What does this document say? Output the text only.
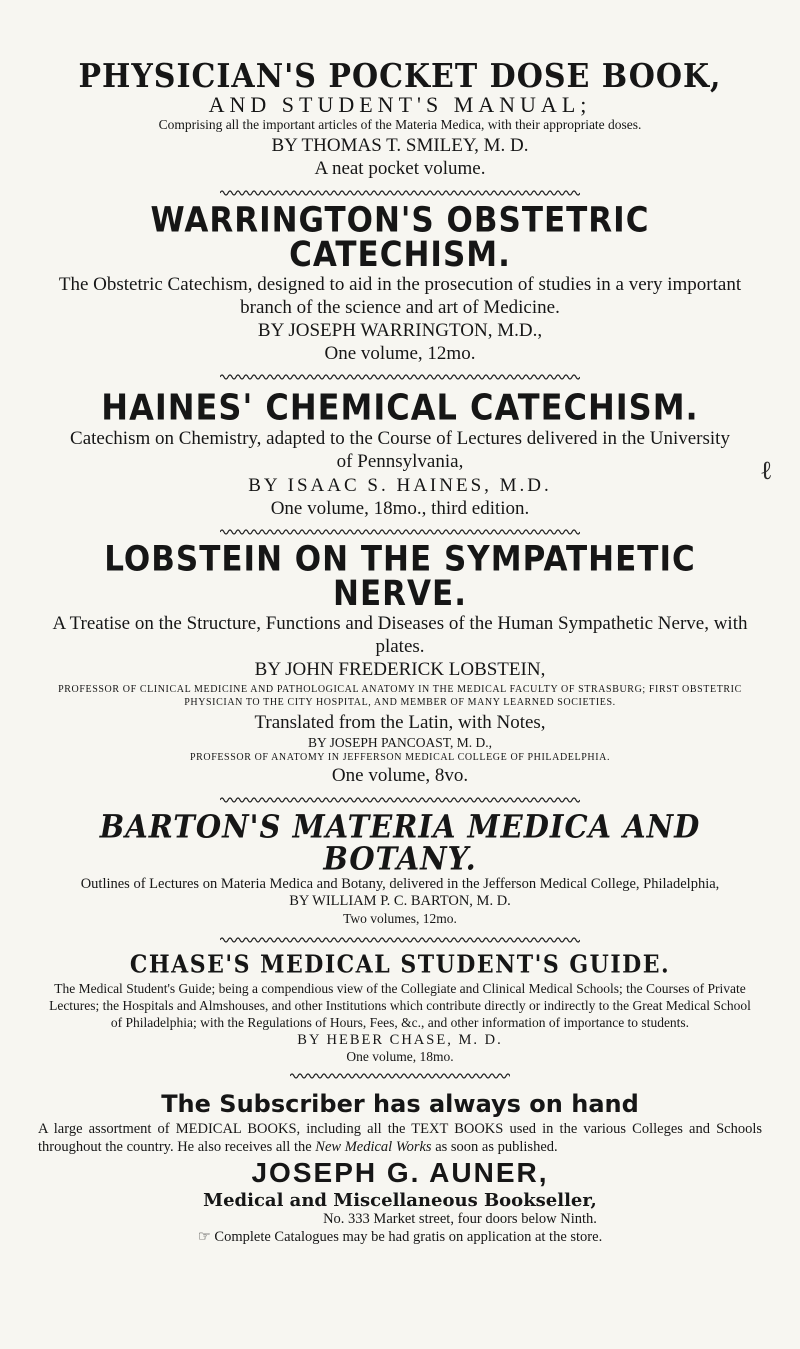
PHYSICIAN'S POCKET DOSE BOOK,
AND STUDENT'S MANUAL;
Comprising all the important articles of the Materia Medica, with their appropriate doses.
BY THOMAS T. SMILEY, M. D.
A neat pocket volume.
WARRINGTON'S OBSTETRIC CATECHISM.
The Obstetric Catechism, designed to aid in the prosecution of studies in a very important branch of the science and art of Medicine.
BY JOSEPH WARRINGTON, M.D.,
One volume, 12mo.
HAINES' CHEMICAL CATECHISM.
Catechism on Chemistry, adapted to the Course of Lectures delivered in the University of Pennsylvania,
BY ISAAC S. HAINES, M.D.
One volume, 18mo., third edition.
LOBSTEIN ON THE SYMPATHETIC NERVE.
A Treatise on the Structure, Functions and Diseases of the Human Sympathetic Nerve, with plates.
BY JOHN FREDERICK LOBSTEIN,
PROFESSOR OF CLINICAL MEDICINE AND PATHOLOGICAL ANATOMY IN THE MEDICAL FACULTY OF STRASBURG; FIRST OBSTETRIC PHYSICIAN TO THE CITY HOSPITAL, AND MEMBER OF MANY LEARNED SOCIETIES.
Translated from the Latin, with Notes,
BY JOSEPH PANCOAST, M. D.,
PROFESSOR OF ANATOMY IN JEFFERSON MEDICAL COLLEGE OF PHILADELPHIA.
One volume, 8vo.
BARTON'S MATERIA MEDICA AND BOTANY.
Outlines of Lectures on Materia Medica and Botany, delivered in the Jefferson Medical College, Philadelphia,
BY WILLIAM P. C. BARTON, M. D.
Two volumes, 12mo.
CHASE'S MEDICAL STUDENT'S GUIDE.
The Medical Student's Guide; being a compendious view of the Collegiate and Clinical Medical Schools; the Courses of Private Lectures; the Hospitals and Almshouses, and other Institutions which contribute directly or indirectly to the Great Medical School of Philadelphia; with the Regulations of Hours, Fees, &c., and other information of importance to students.
BY HEBER CHASE, M. D.
One volume, 18mo.
The Subscriber has always on hand
A large assortment of MEDICAL BOOKS, including all the TEXT BOOKS used in the various Colleges and Schools throughout the country. He also receives all the New Medical Works as soon as published.
JOSEPH G. AUNER,
Medical and Miscellaneous Bookseller,
No. 333 Market street, four doors below Ninth.
☞ Complete Catalogues may be had gratis on application at the store.
ℓ
